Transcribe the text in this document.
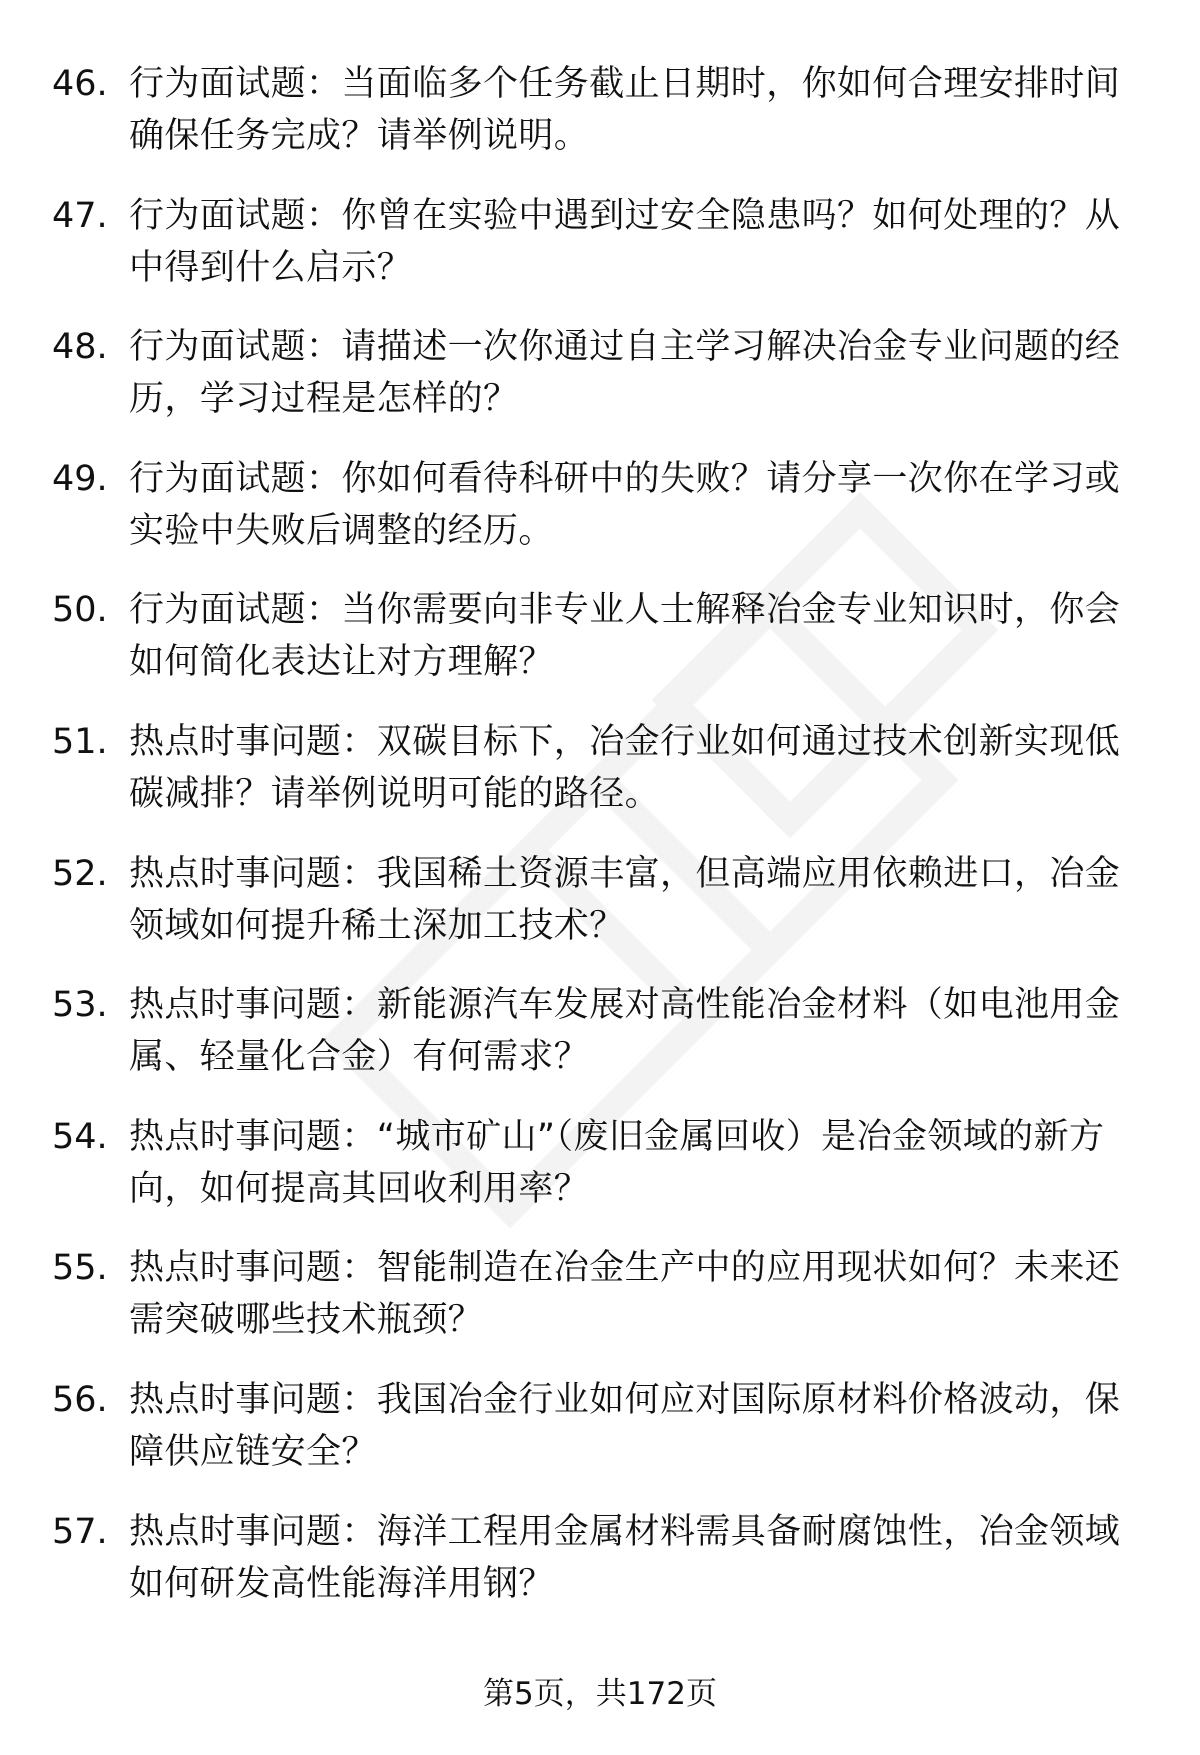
46. 行为面试题：当面临多个任务截止日期时，你如何合理安排时间确保任务完成？请举例说明。
47. 行为面试题：你曾在实验中遇到过安全隐患吗？如何处理的？从中得到什么启示？
48. 行为面试题：请描述一次你通过自主学习解决冶金专业问题的经历，学习过程是怎样的？
49. 行为面试题：你如何看待科研中的失败？请分享一次你在学习或实验中失败后调整的经历。
50. 行为面试题：当你需要向非专业人士解释冶金专业知识时，你会如何简化表达让对方理解？
51. 热点时事问题：双碳目标下，冶金行业如何通过技术创新实现低碳减排？请举例说明可能的路径。
52. 热点时事问题：我国稀土资源丰富，但高端应用依赖进口，冶金领域如何提升稀土深加工技术？
53. 热点时事问题：新能源汽车发展对高性能冶金材料（如电池用金属、轻量化合金）有何需求？
54. 热点时事问题：“城市矿山”（废旧金属回收）是冶金领域的新方向，如何提高其回收利用率？
55. 热点时事问题：智能制造在冶金生产中的应用现状如何？未来还需突破哪些技术瓶颈？
56. 热点时事问题：我国冶金行业如何应对国际原材料价格波动，保障供应链安全？
57. 热点时事问题：海洋工程用金属材料需具备耐腐蚀性，冶金领域如何研发高性能海洋用钢？
第5页，共172页
